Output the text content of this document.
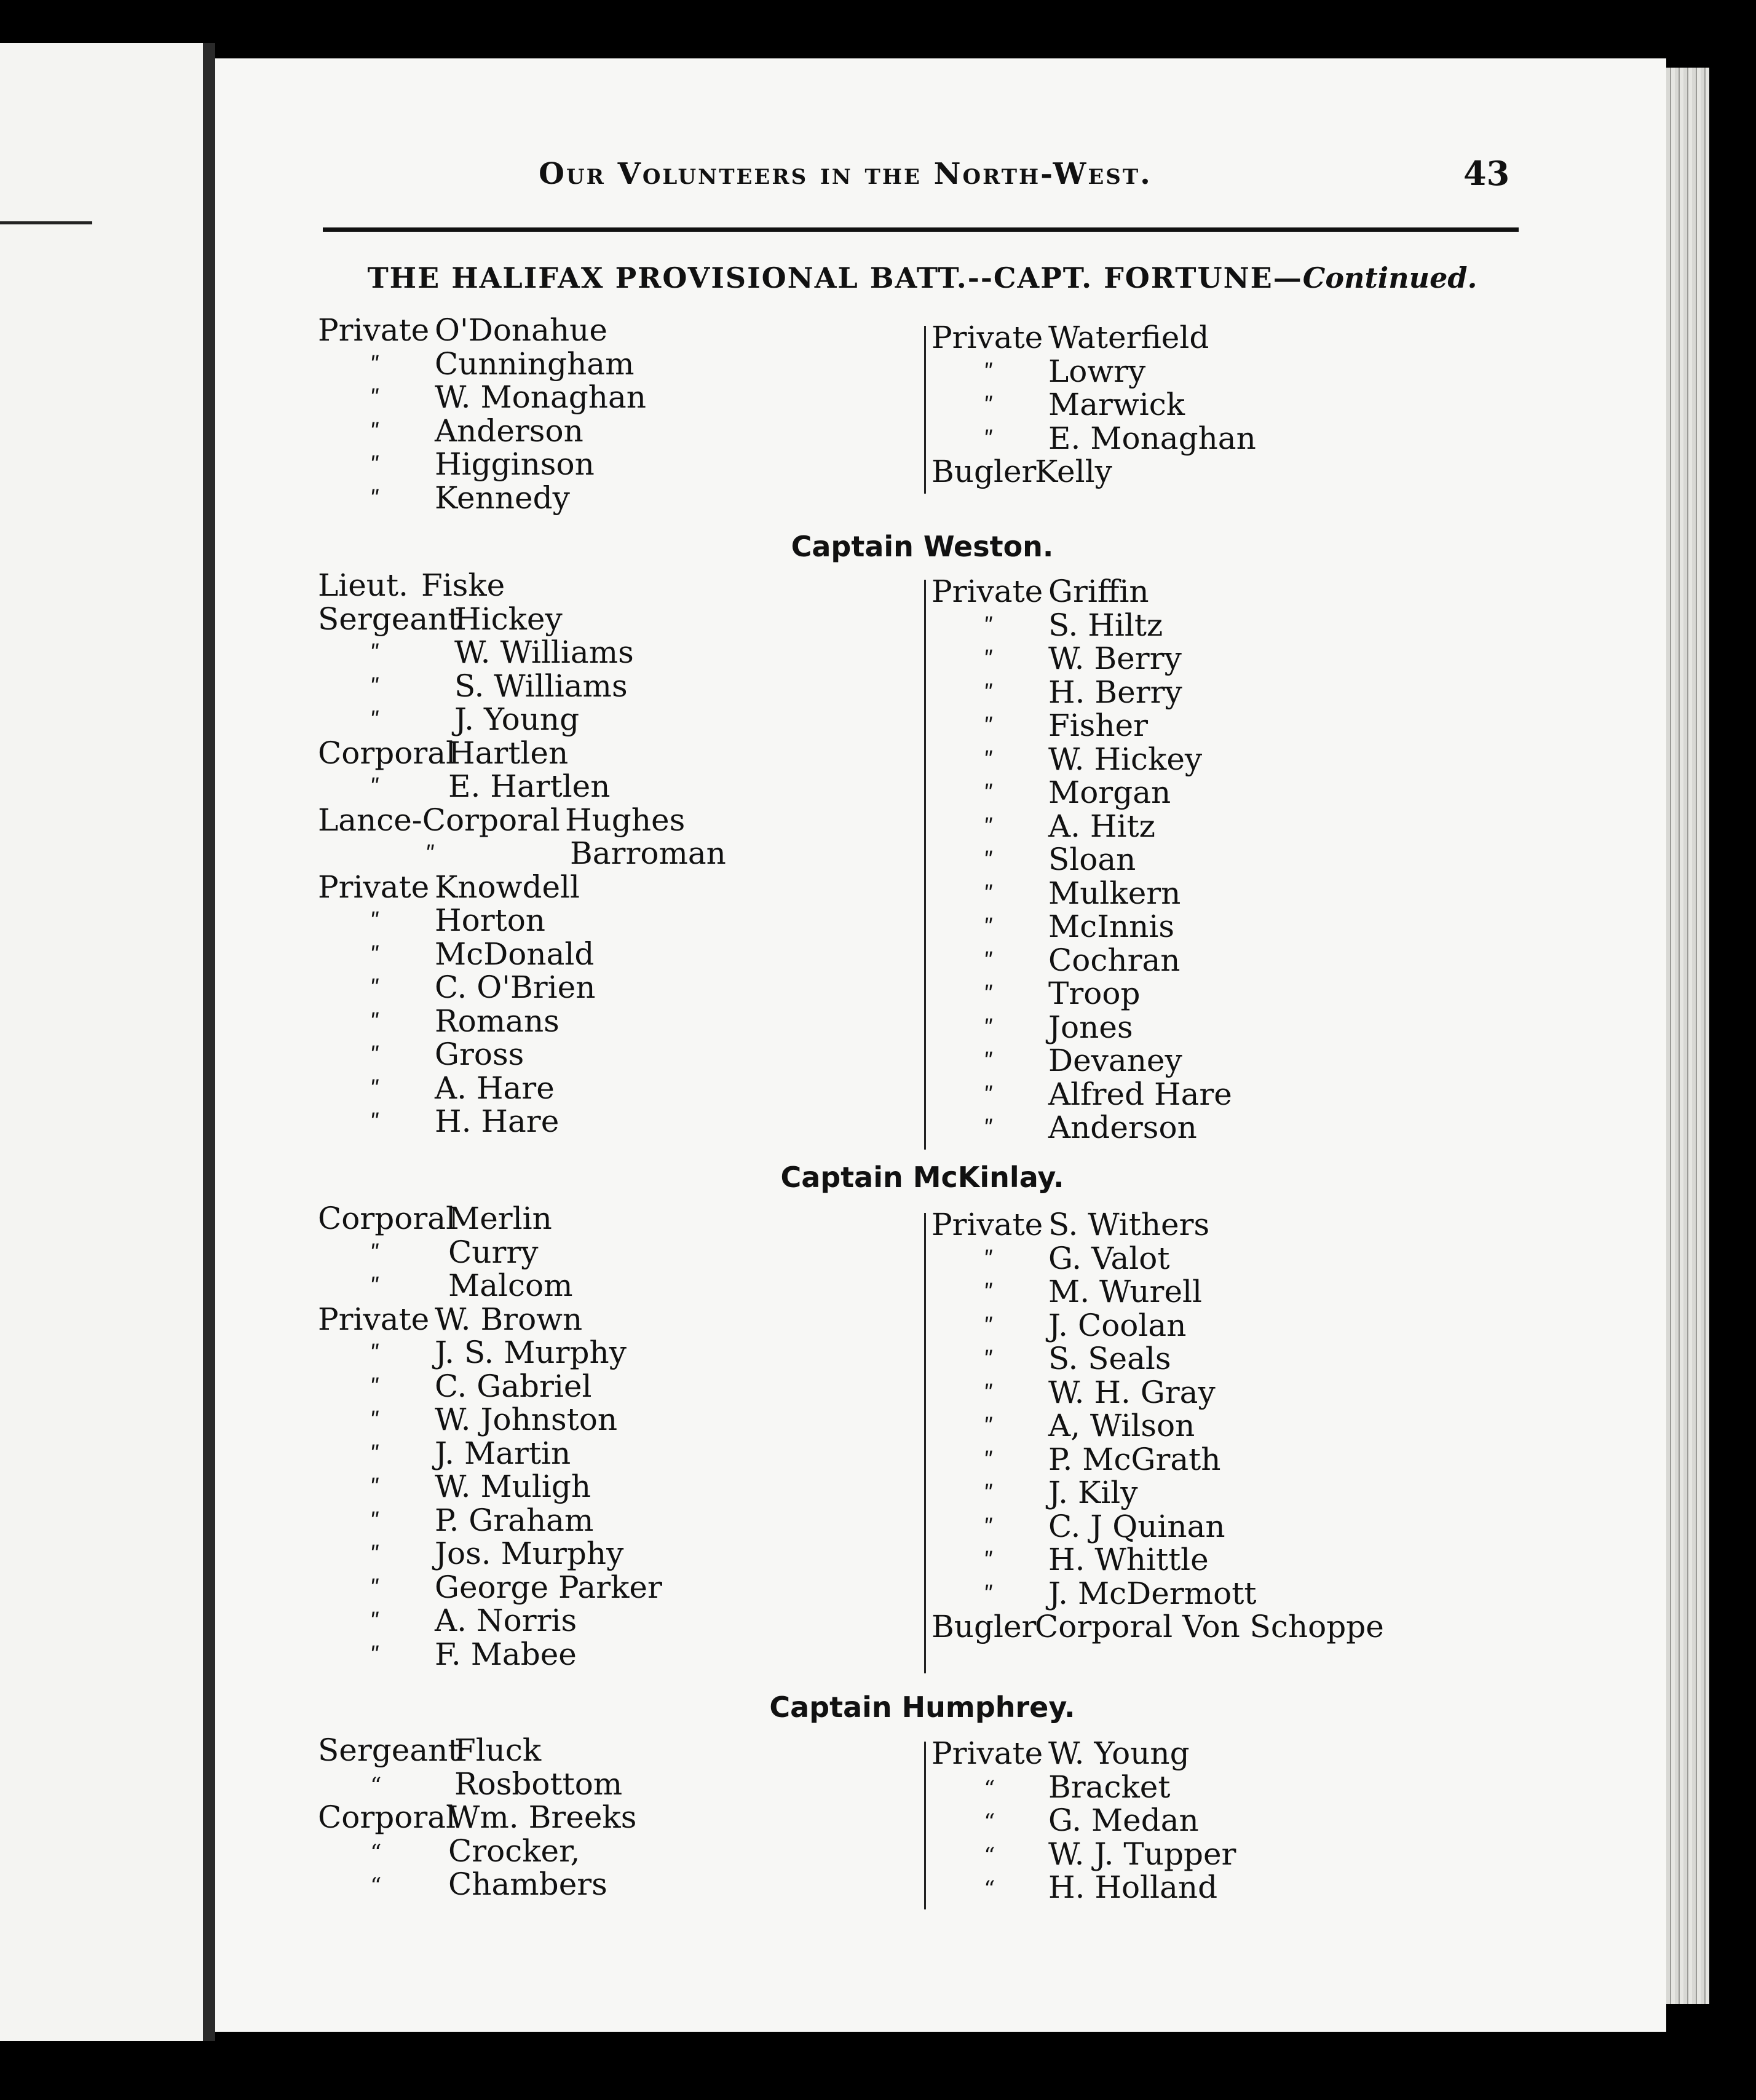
Our Volunteers in the North-West.	43
THE HALIFAX PROVISIONAL BATT.--CAPT. FORTUNE—Continued.
Private O'Donahue
ʺ Cunningham
ʺ W. Monaghan
ʺ Anderson
ʺ Higginson
ʺ Kennedy
Private Waterfield
ʺ Lowry
ʺ Marwick
ʺ E. Monaghan
Bugler
Kelly
Captain Weston.
Lieut. Fiske
Sergeant
Hickey
ʺ W. Williams
ʺ S. Williams
ʺ J. Young
Corporal
Hartlen
ʺ E. Hartlen
Lance-Corporal Hughes
ʺ	Barroman
Private Knowdell
ʺ Horton
ʺ McDonald
ʺ C. O'Brien
ʺ Romans
ʺ Gross
ʺ A. Hare
ʺ H. Hare
Private Griffin
ʺ S. Hiltz
ʺ W. Berry
ʺ H. Berry
ʺ Fisher
ʺ W. Hickey
ʺ Morgan
ʺ A. Hitz
ʺ Sloan
ʺ Mulkern
ʺ McInnis
ʺ Cochran
ʺ Troop
ʺ Jones
ʺ Devaney
ʺ Alfred Hare
ʺ Anderson
Captain McKinlay.
Corporal
Merlin
ʺ Curry
ʺ Malcom
Private W. Brown
ʺ J. S. Murphy
ʺ C. Gabriel
ʺ W. Johnston
ʺ J. Martin
ʺ W. Muligh
ʺ P. Graham
ʺ Jos. Murphy
ʺ George Parker
ʺ A. Norris
ʺ F. Mabee
Private S. Withers
ʺ G. Valot
ʺ M. Wurell
ʺ J. Coolan
ʺ S. Seals
ʺ W. H. Gray
ʺ A, Wilson
ʺ P. McGrath
ʺ J. Kily
ʺ C. J Quinan
ʺ H. Whittle
ʺ J. McDermott
Bugler
Corporal Von Schoppe
Captain Humphrey.
Sergeant
Fluck
“ Rosbottom
Corporal
Wm. Breeks
“ Crocker,
“ Chambers
Private W. Young
“ Bracket
“ G. Medan
“ W. J. Tupper
“ H. Holland
